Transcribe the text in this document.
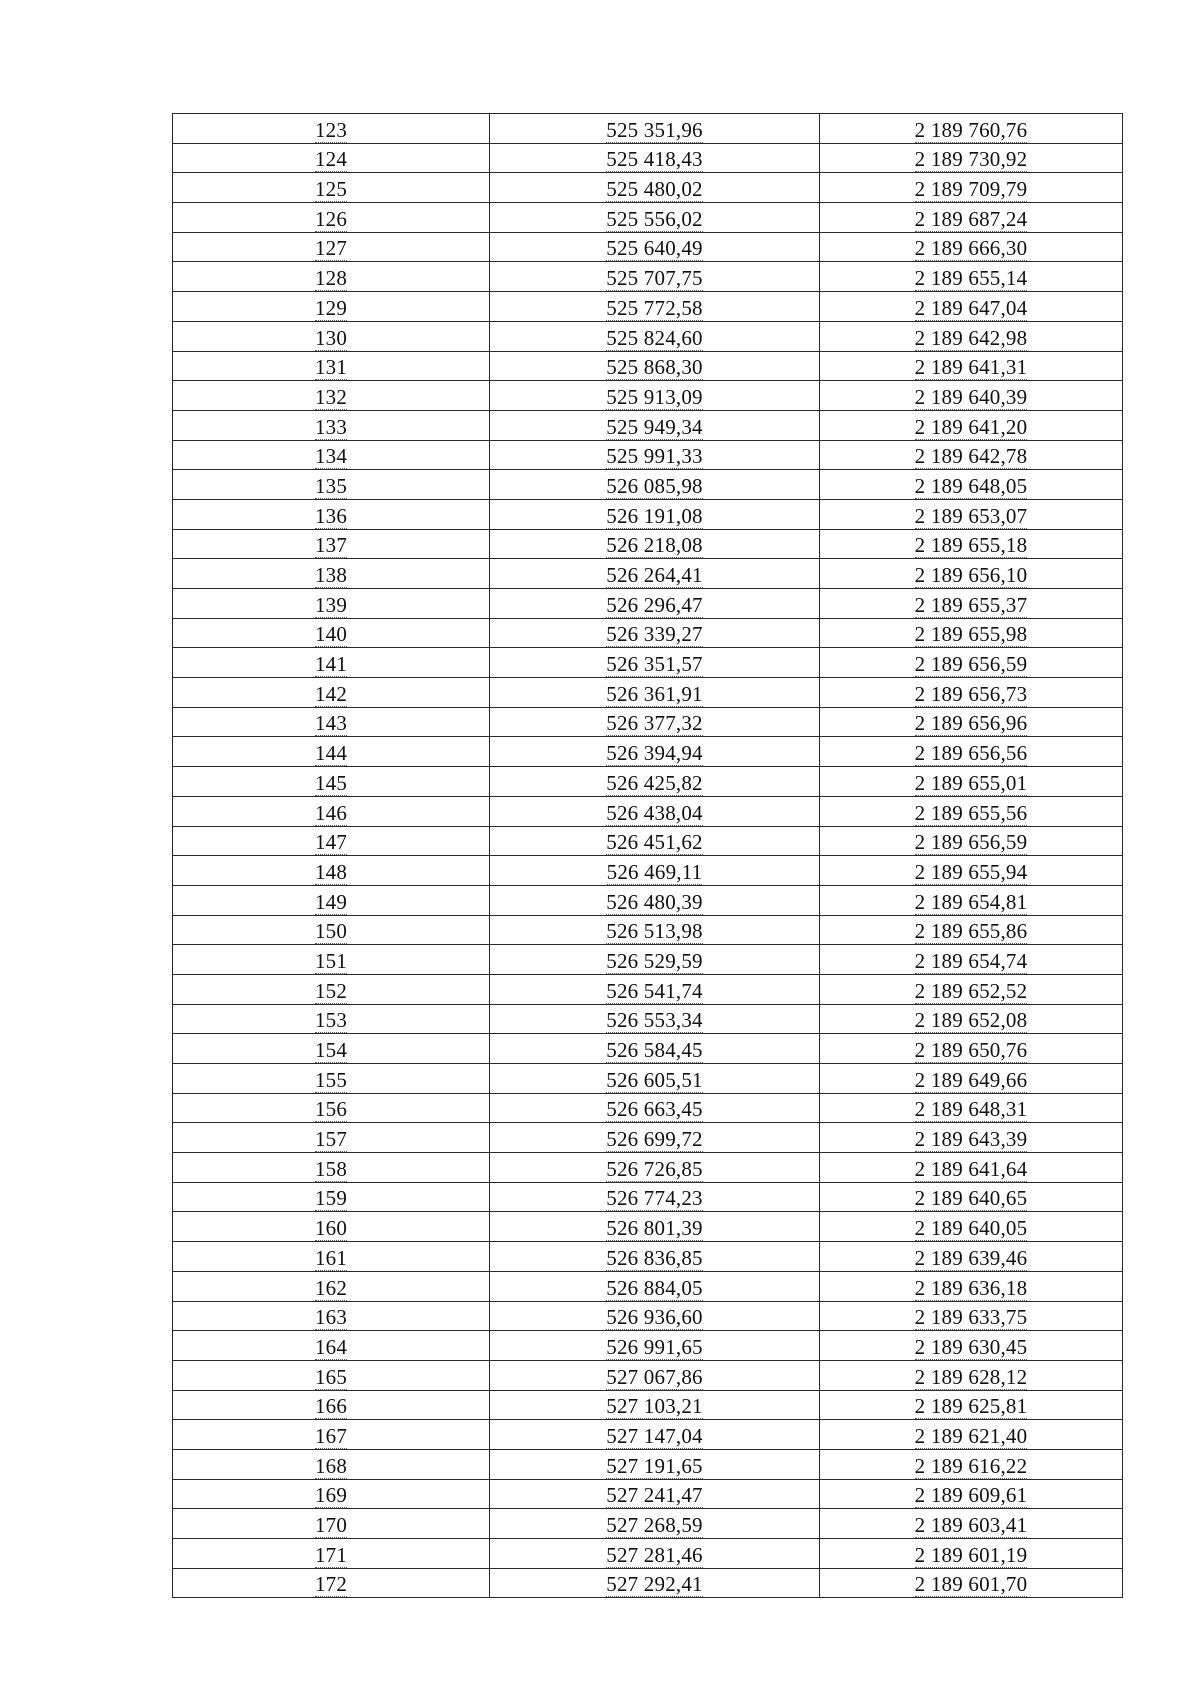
123	525 351,96	2 189 760,76
124	525 418,43	2 189 730,92
125	525 480,02	2 189 709,79
126	525 556,02	2 189 687,24
127	525 640,49	2 189 666,30
128	525 707,75	2 189 655,14
129	525 772,58	2 189 647,04
130	525 824,60	2 189 642,98
131	525 868,30	2 189 641,31
132	525 913,09	2 189 640,39
133	525 949,34	2 189 641,20
134	525 991,33	2 189 642,78
135	526 085,98	2 189 648,05
136	526 191,08	2 189 653,07
137	526 218,08	2 189 655,18
138	526 264,41	2 189 656,10
139	526 296,47	2 189 655,37
140	526 339,27	2 189 655,98
141	526 351,57	2 189 656,59
142	526 361,91	2 189 656,73
143	526 377,32	2 189 656,96
144	526 394,94	2 189 656,56
145	526 425,82	2 189 655,01
146	526 438,04	2 189 655,56
147	526 451,62	2 189 656,59
148	526 469,11	2 189 655,94
149	526 480,39	2 189 654,81
150	526 513,98	2 189 655,86
151	526 529,59	2 189 654,74
152	526 541,74	2 189 652,52
153	526 553,34	2 189 652,08
154	526 584,45	2 189 650,76
155	526 605,51	2 189 649,66
156	526 663,45	2 189 648,31
157	526 699,72	2 189 643,39
158	526 726,85	2 189 641,64
159	526 774,23	2 189 640,65
160	526 801,39	2 189 640,05
161	526 836,85	2 189 639,46
162	526 884,05	2 189 636,18
163	526 936,60	2 189 633,75
164	526 991,65	2 189 630,45
165	527 067,86	2 189 628,12
166	527 103,21	2 189 625,81
167	527 147,04	2 189 621,40
168	527 191,65	2 189 616,22
169	527 241,47	2 189 609,61
170	527 268,59	2 189 603,41
171	527 281,46	2 189 601,19
172	527 292,41	2 189 601,70
